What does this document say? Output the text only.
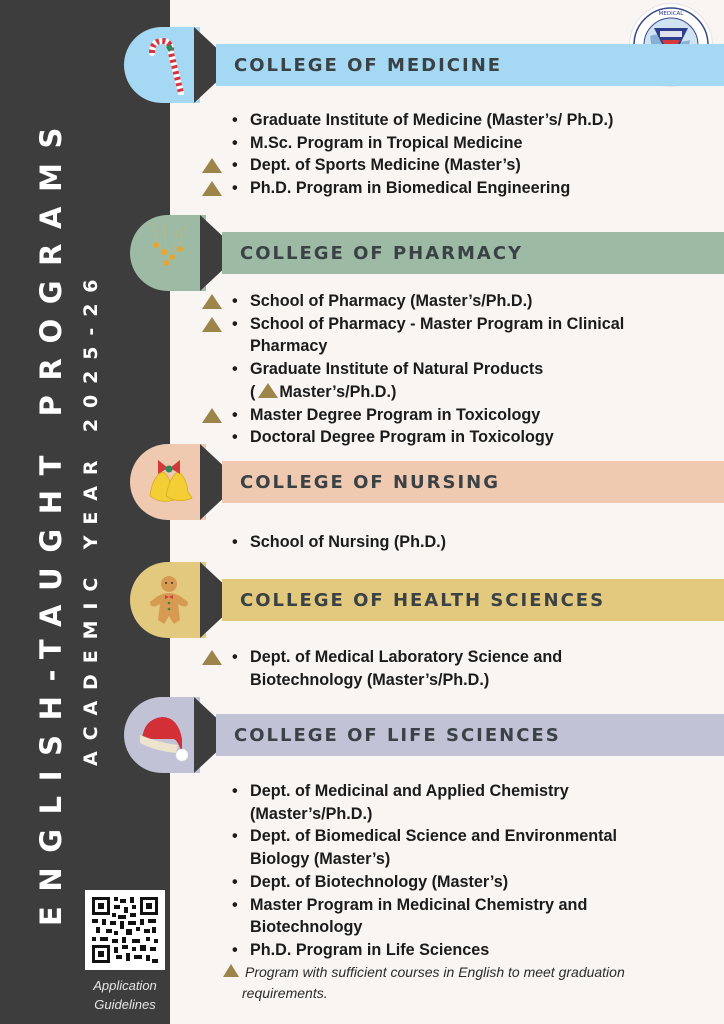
ENGLISH-TAUGHT PROGRAMS ACADEMIC YEAR 2025-26
Application
Guidelines
MEDICAL
COLLEGE OF MEDICINE
• Graduate Institute of Medicine (Master’s/ Ph.D.)
• M.Sc. Program in Tropical Medicine
• Dept. of Sports Medicine (Master’s)
• Ph.D. Program in Biomedical Engineering
COLLEGE OF PHARMACY
• School of Pharmacy (Master’s/Ph.D.)
• School of Pharmacy - Master Program in Clinical
Pharmacy
• Graduate Institute of Natural Products
( Master’s/Ph.D.)
• Master Degree Program in Toxicology
• Doctoral Degree Program in Toxicology
COLLEGE OF NURSING
• School of Nursing (Ph.D.)
COLLEGE OF HEALTH SCIENCES
• Dept. of Medical Laboratory Science and
Biotechnology (Master’s/Ph.D.)
COLLEGE OF LIFE SCIENCES
• Dept. of Medicinal and Applied Chemistry
(Master’s/Ph.D.)
• Dept. of Biomedical Science and Environmental
Biology (Master’s)
• Dept. of Biotechnology (Master’s)
• Master Program in Medicinal Chemistry and
Biotechnology
• Ph.D. Program in Life Sciences
Program with sufficient courses in English to meet graduation
requirements.
